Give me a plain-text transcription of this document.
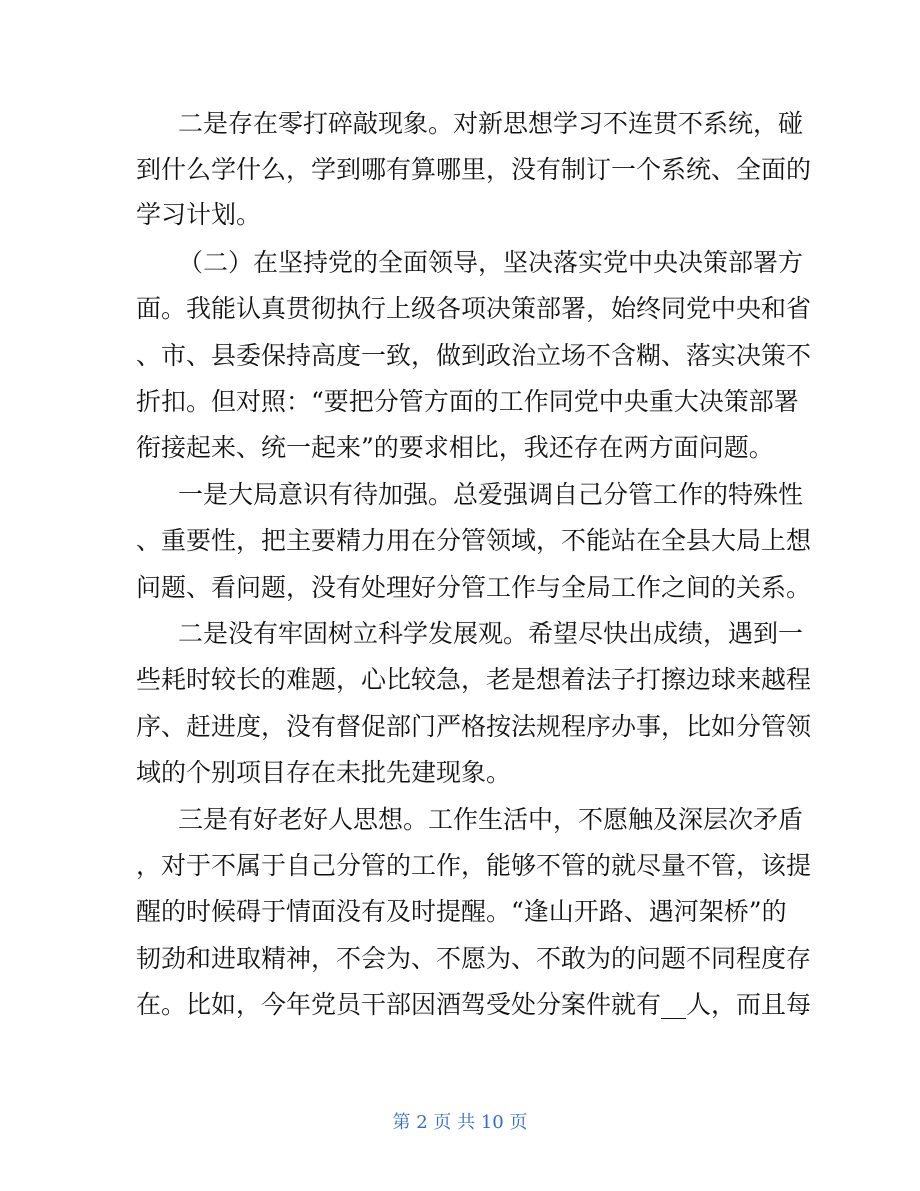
二是存在零打碎敲现象。对新思想学习不连贯不系统，碰
到什么学什么，学到哪有算哪里，没有制订一个系统、全面的
学习计划。
（二）在坚持党的全面领导，坚决落实党中央决策部署方
面。我能认真贯彻执行上级各项决策部署，始终同党中央和省
、市、县委保持高度一致，做到政治立场不含糊、落实决策不
折扣。但对照：“要把分管方面的工作同党中央重大决策部署
衔接起来、统一起来”的要求相比，我还存在两方面问题。
一是大局意识有待加强。总爱强调自己分管工作的特殊性
、重要性，把主要精力用在分管领域，不能站在全县大局上想
问题、看问题，没有处理好分管工作与全局工作之间的关系。
二是没有牢固树立科学发展观。希望尽快出成绩，遇到一
些耗时较长的难题，心比较急，老是想着法子打擦边球来越程
序、赶进度，没有督促部门严格按法规程序办事，比如分管领
域的个别项目存在未批先建现象。
三是有好老好人思想。工作生活中，不愿触及深层次矛盾
，对于不属于自己分管的工作，能够不管的就尽量不管，该提
醒的时候碍于情面没有及时提醒。“逢山开路、遇河架桥”的
韧劲和进取精神，不会为、不愿为、不敢为的问题不同程度存
在。比如，今年党员干部因酒驾受处分案件就有__人，而且每
第 2 页 共 10 页
